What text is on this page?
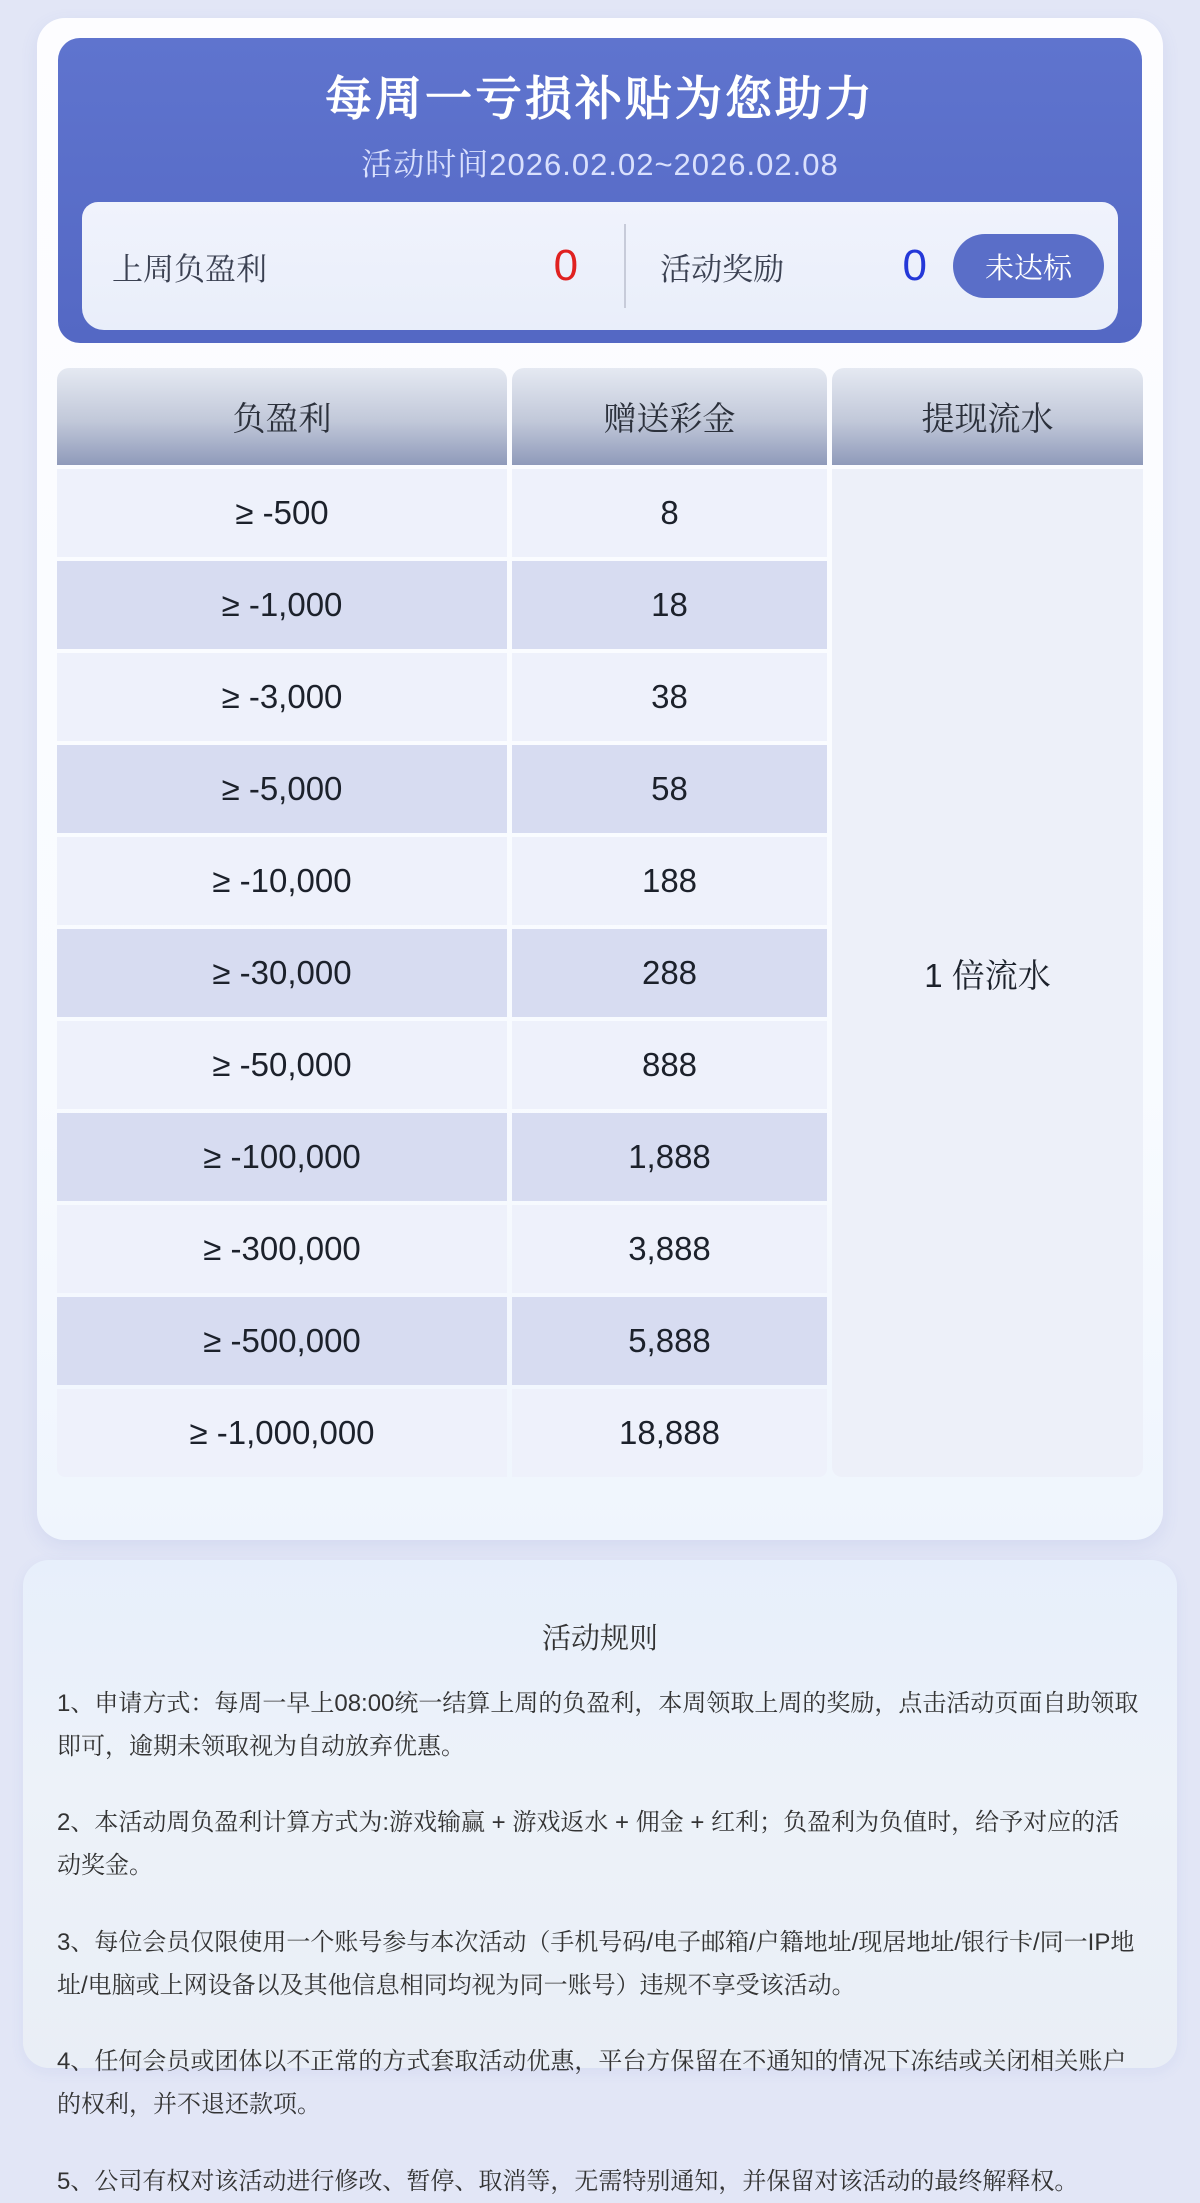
每周一亏损补贴为您助力
活动时间2026.02.02~2026.02.08
上周负盈利	0	活动奖励	0	未达标
负盈利	赠送彩金	提现流水
1 倍流水
≥ -500	8
≥ -1,000	18
≥ -3,000	38
≥ -5,000	58
≥ -10,000	188
≥ -30,000	288
≥ -50,000	888
≥ -100,000	1,888
≥ -300,000	3,888
≥ -500,000	5,888
≥ -1,000,000	18,888
活动规则

1、申请方式：每周一早上08:00统一结算上周的负盈利，本周领取上周的奖励，点击活动页面自助领取即可，逾期未领取视为自动放弃优惠。

2、本活动周负盈利计算方式为:游戏输赢 + 游戏返水 + 佣金 + 红利；负盈利为负值时，给予对应的活动奖金。

3、每位会员仅限使用一个账号参与本次活动（手机号码/电子邮箱/户籍地址/现居地址/银行卡/同一IP地址/电脑或上网设备以及其他信息相同均视为同一账号）违规不享受该活动。

4、任何会员或团体以不正常的方式套取活动优惠，平台方保留在不通知的情况下冻结或关闭相关账户的权利，并不退还款项。

5、公司有权对该活动进行修改、暂停、取消等，无需特别通知，并保留对该活动的最终解释权。
